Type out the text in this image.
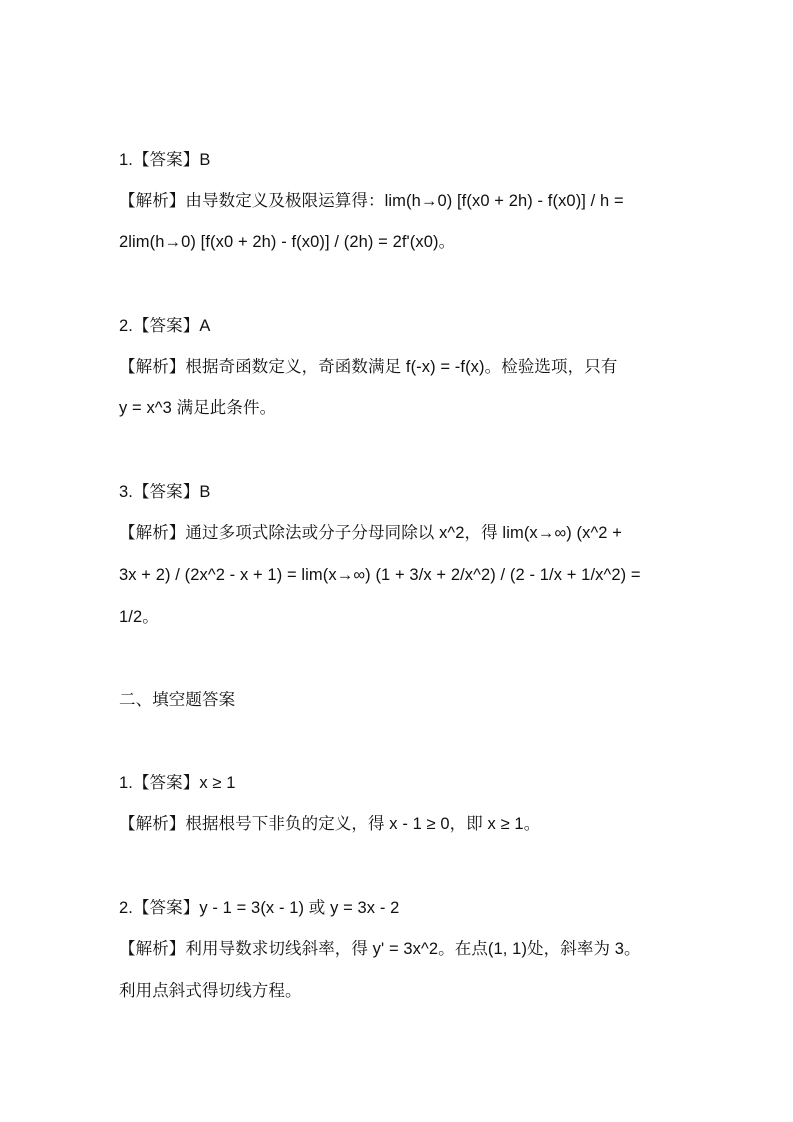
1.【答案】B
【解析】由导数定义及极限运算得：lim(h→0) [f(x0 + 2h) - f(x0)] / h =
2lim(h→0) [f(x0 + 2h) - f(x0)] / (2h) = 2f'(x0)。
2.【答案】A
【解析】根据奇函数定义，奇函数满足 f(-x) = -f(x)。检验选项，只有
y = x^3 满足此条件。
3.【答案】B
【解析】通过多项式除法或分子分母同除以 x^2，得 lim(x→∞) (x^2 +
3x + 2) / (2x^2 - x + 1) = lim(x→∞) (1 + 3/x + 2/x^2) / (2 - 1/x + 1/x^2) =
1/2。
二、填空题答案
1.【答案】x ≥ 1
【解析】根据根号下非负的定义，得 x - 1 ≥ 0，即 x ≥ 1。
2.【答案】y - 1 = 3(x - 1) 或 y = 3x - 2
【解析】利用导数求切线斜率，得 y' = 3x^2。在点(1, 1)处，斜率为 3。
利用点斜式得切线方程。
